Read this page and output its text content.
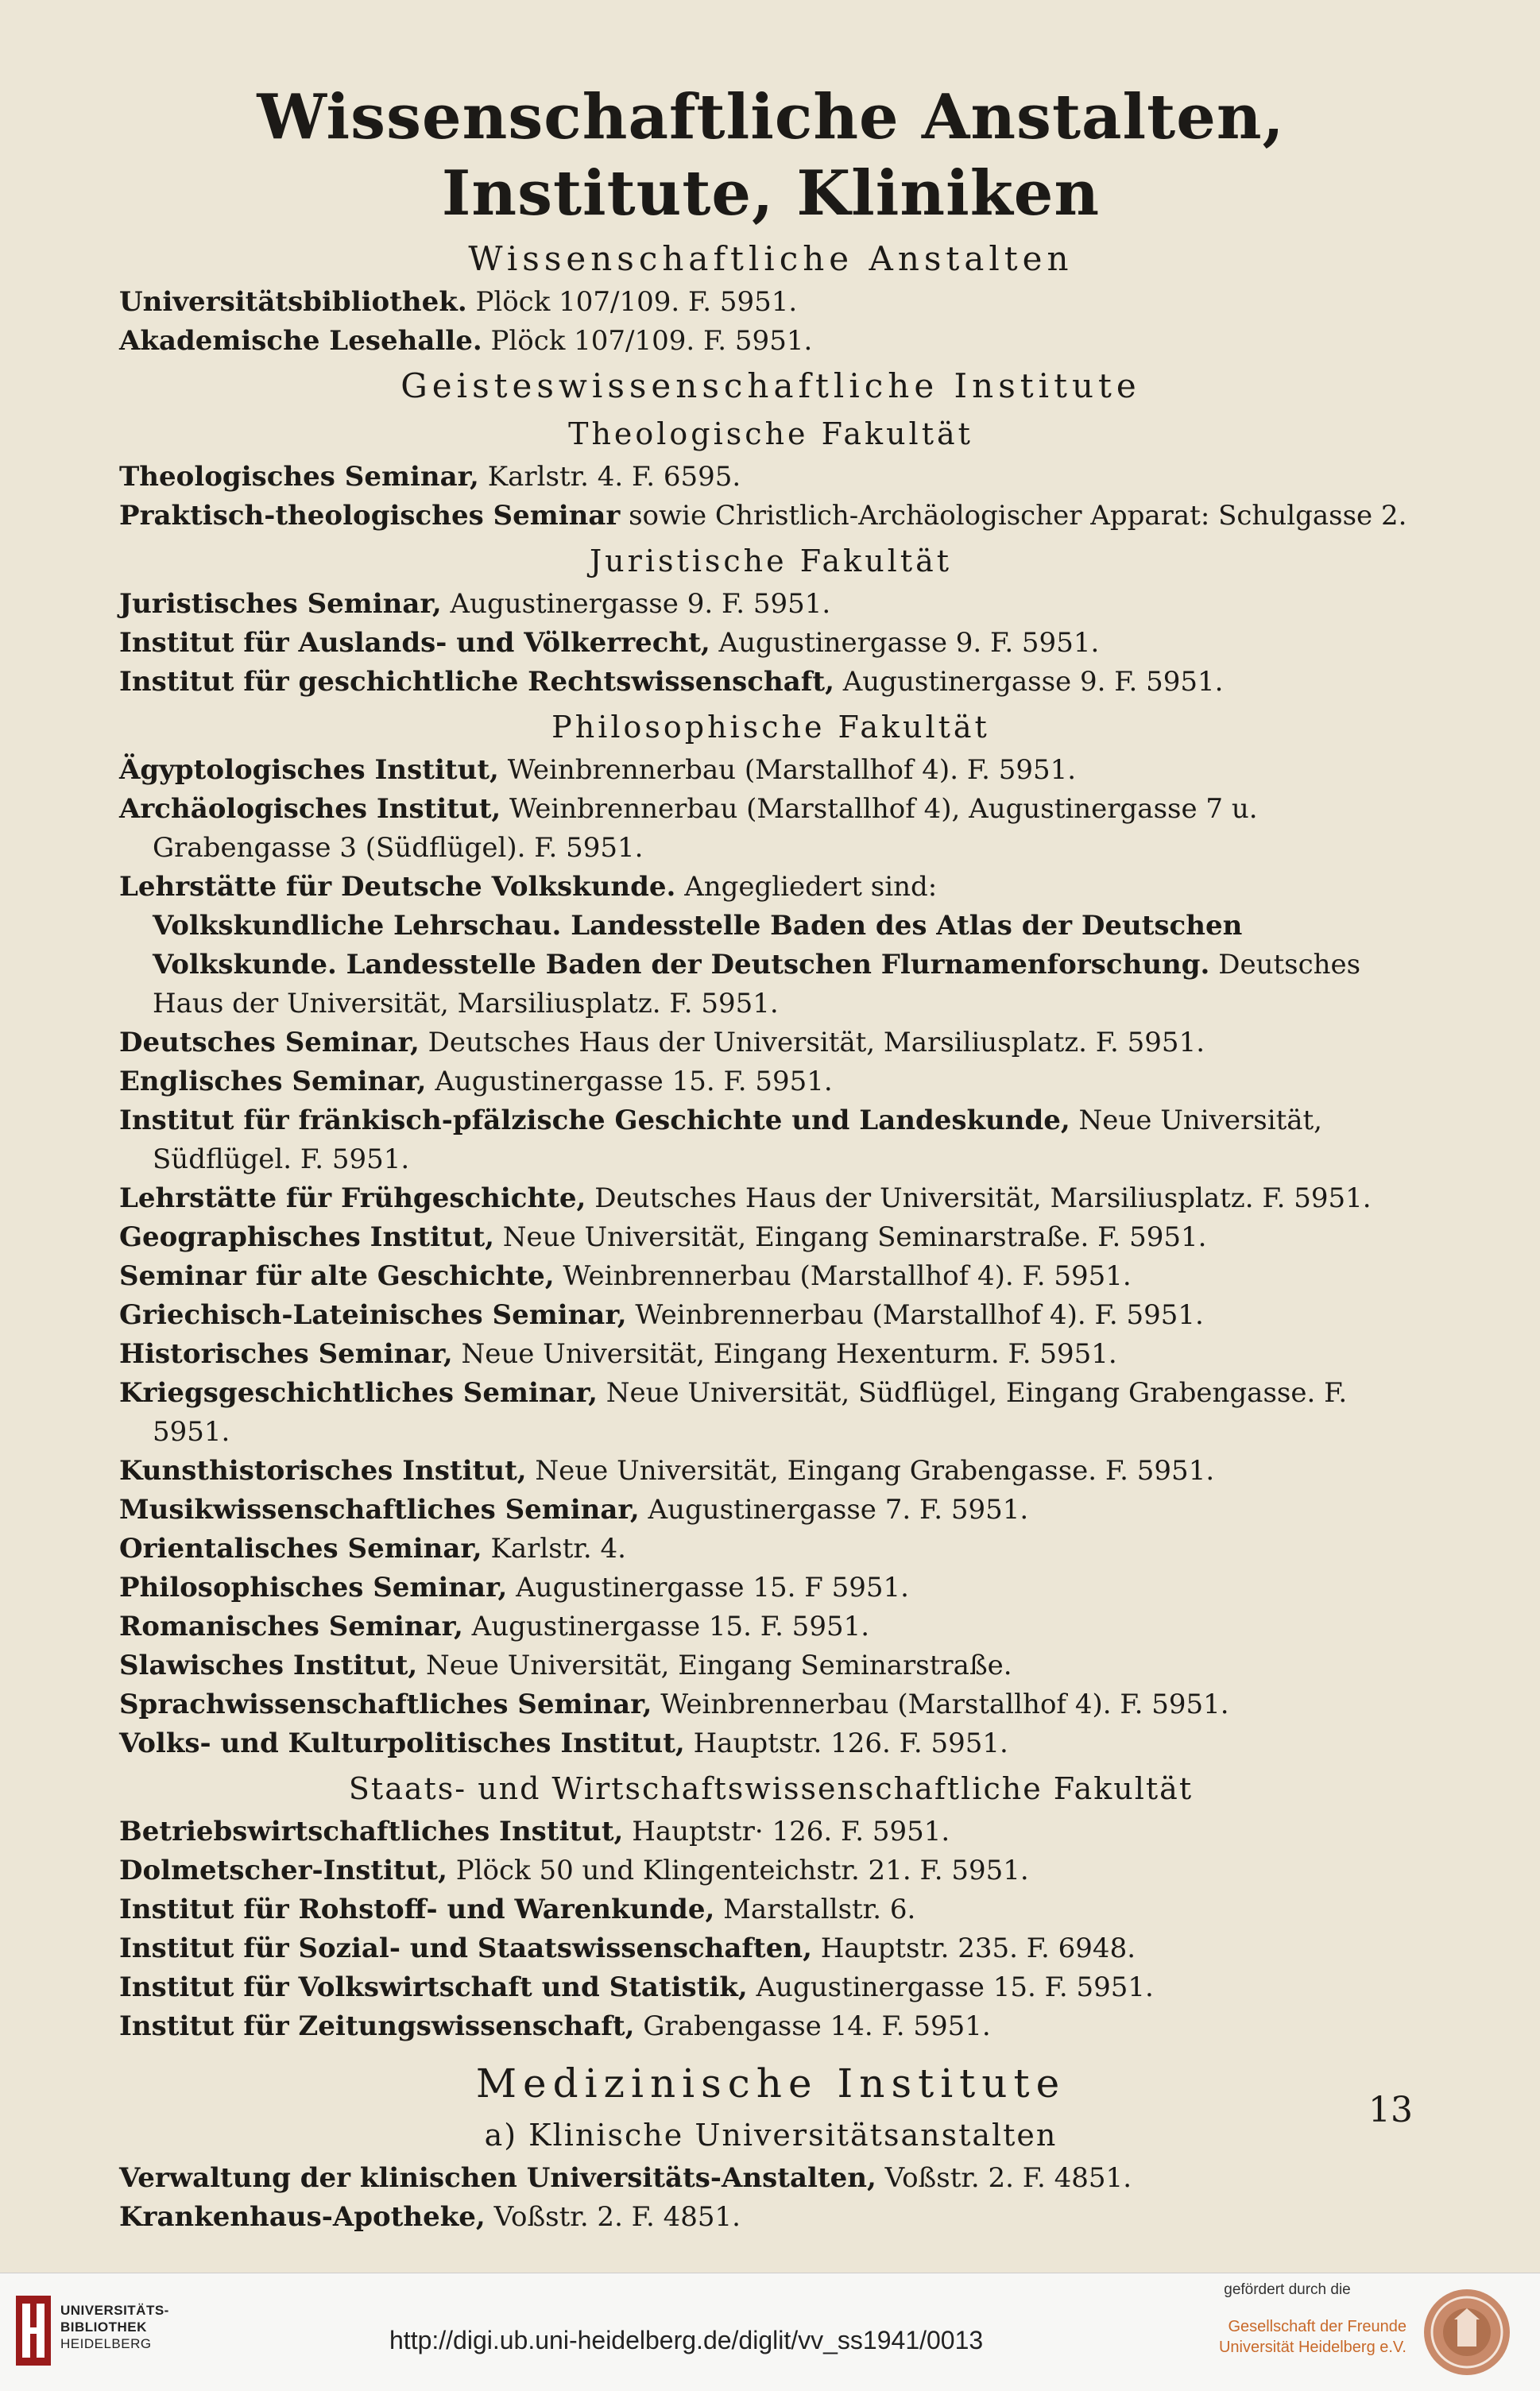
Wissenschaftliche Anstalten, Institute, Kliniken
Wissenschaftliche Anstalten

Universitätsbibliothek. Plöck 107/109. F. 5951.

Akademische Lesehalle. Plöck 107/109. F. 5951.

Geisteswissenschaftliche Institute
Theologische Fakultät

Theologisches Seminar, Karlstr. 4. F. 6595.

Praktisch-theologisches Seminar sowie Christlich-Archäologischer Apparat: Schulgasse 2.

Juristische Fakultät

Juristisches Seminar, Augustinergasse 9. F. 5951.

Institut für Auslands- und Völkerrecht, Augustinergasse 9. F. 5951.

Institut für geschichtliche Rechtswissenschaft, Augustinergasse 9. F. 5951.

Philosophische Fakultät

Ägyptologisches Institut, Weinbrennerbau (Marstallhof 4). F. 5951.

Archäologisches Institut, Weinbrennerbau (Marstallhof 4), Augustinergasse 7 u. Grabengasse 3 (Südflügel). F. 5951.

Lehrstätte für Deutsche Volkskunde. Angegliedert sind:

Volkskundliche Lehrschau. Landesstelle Baden des Atlas der Deutschen Volkskunde. Landesstelle Baden der Deutschen Flurnamenforschung. Deutsches Haus der Universität, Marsiliusplatz. F. 5951.

Deutsches Seminar, Deutsches Haus der Universität, Marsiliusplatz. F. 5951.

Englisches Seminar, Augustinergasse 15. F. 5951.

Institut für fränkisch-pfälzische Geschichte und Landeskunde, Neue Universität, Südflügel. F. 5951.

Lehrstätte für Frühgeschichte, Deutsches Haus der Universität, Marsiliusplatz. F. 5951.

Geographisches Institut, Neue Universität, Eingang Seminarstraße. F. 5951.

Seminar für alte Geschichte, Weinbrennerbau (Marstallhof 4). F. 5951.

Griechisch-Lateinisches Seminar, Weinbrennerbau (Marstallhof 4). F. 5951.

Historisches Seminar, Neue Universität, Eingang Hexenturm. F. 5951.

Kriegsgeschichtliches Seminar, Neue Universität, Südflügel, Eingang Grabengasse. F. 5951.

Kunsthistorisches Institut, Neue Universität, Eingang Grabengasse. F. 5951.

Musikwissenschaftliches Seminar, Augustinergasse 7. F. 5951.

Orientalisches Seminar, Karlstr. 4.

Philosophisches Seminar, Augustinergasse 15. F 5951.

Romanisches Seminar, Augustinergasse 15. F. 5951.

Slawisches Institut, Neue Universität, Eingang Seminarstraße.

Sprachwissenschaftliches Seminar, Weinbrennerbau (Marstallhof 4). F. 5951.

Volks- und Kulturpolitisches Institut, Hauptstr. 126. F. 5951.

Staats- und Wirtschaftswissenschaftliche Fakultät

Betriebswirtschaftliches Institut, Hauptstr· 126. F. 5951.

Dolmetscher-Institut, Plöck 50 und Klingenteichstr. 21. F. 5951.

Institut für Rohstoff- und Warenkunde, Marstallstr. 6.

Institut für Sozial- und Staatswissenschaften, Hauptstr. 235. F. 6948.

Institut für Volkswirtschaft und Statistik, Augustinergasse 15. F. 5951.

Institut für Zeitungswissenschaft, Grabengasse 14. F. 5951.

Medizinische Institute
a) Klinische Universitätsanstalten

Verwaltung der klinischen Universitäts-Anstalten, Voßstr. 2. F. 4851.

Krankenhaus-Apotheke, Voßstr. 2. F. 4851.

13
UNIVERSITÄTS-
BIBLIOTHEK
HEIDELBERG	http://digi.ub.uni-heidelberg.de/diglit/vv_ss1941/0013
gefördert durch die
Gesellschaft der Freunde
Universität Heidelberg e.V.
